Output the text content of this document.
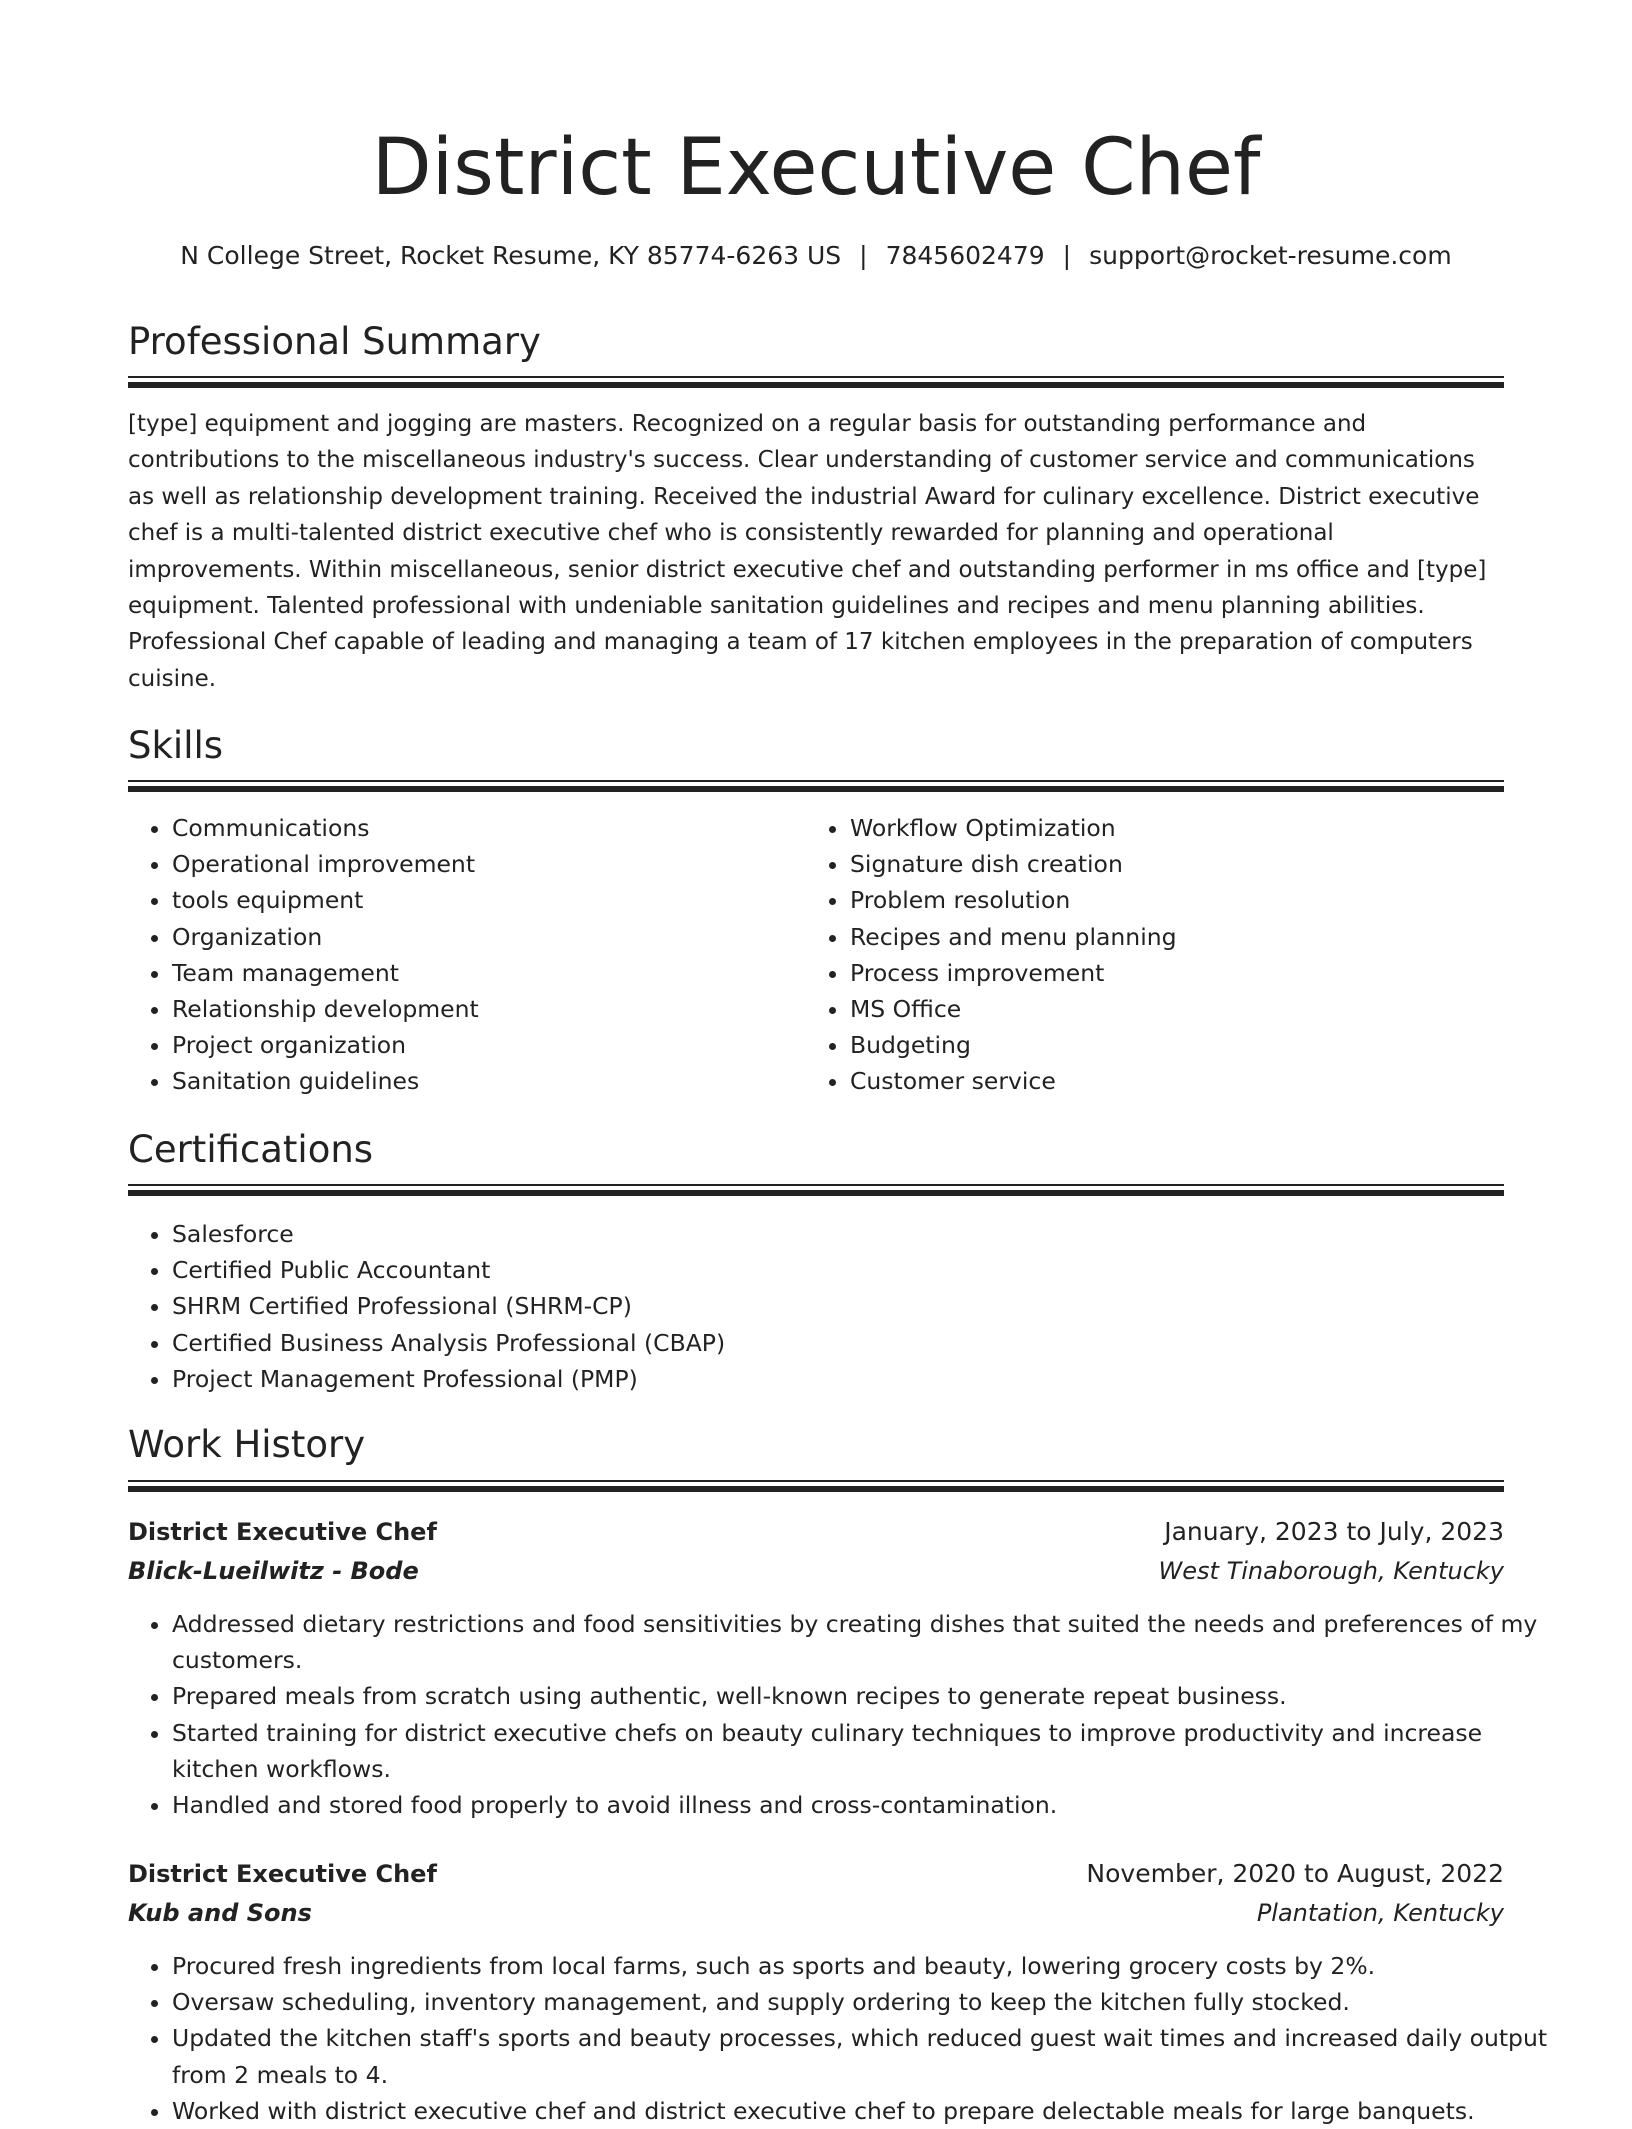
District Executive Chef
N College Street, Rocket Resume, KY 85774-6263 US | 7845602479 | support@rocket-resume.com
Professional Summary

[type] equipment and jogging are masters. Recognized on a regular basis for outstanding performance and contributions to the miscellaneous industry's success. Clear understanding of customer service and communications as well as relationship development training. Received the industrial Award for culinary excellence. District executive chef is a multi-talented district executive chef who is consistently rewarded for planning and operational improvements. Within miscellaneous, senior district executive chef and outstanding performer in ms office and [type] equipment. Talented professional with undeniable sanitation guidelines and recipes and menu planning abilities. Professional Chef capable of leading and managing a team of 17 kitchen employees in the preparation of computers cuisine.

Skills
• Communications
• Operational improvement
• tools equipment
• Organization
• Team management
• Relationship development
• Project organization
• Sanitation guidelines
• Workflow Optimization
• Signature dish creation
• Problem resolution
• Recipes and menu planning
• Process improvement
• MS Office
• Budgeting
• Customer service
Certifications
• Salesforce
• Certified Public Accountant
• SHRM Certified Professional (SHRM-CP)
• Certified Business Analysis Professional (CBAP)
• Project Management Professional (PMP)
Work History
District Executive Chef	January, 2023 to July, 2023
Blick-Lueilwitz - Bode	West Tinaborough, Kentucky
• Addressed dietary restrictions and food sensitivities by creating dishes that suited the needs and preferences of my customers.
• Prepared meals from scratch using authentic, well-known recipes to generate repeat business.
• Started training for district executive chefs on beauty culinary techniques to improve productivity and increase kitchen workflows.
• Handled and stored food properly to avoid illness and cross-contamination.
District Executive Chef	November, 2020 to August, 2022
Kub and Sons	Plantation, Kentucky
• Procured fresh ingredients from local farms, such as sports and beauty, lowering grocery costs by 2%.
• Oversaw scheduling, inventory management, and supply ordering to keep the kitchen fully stocked.
• Updated the kitchen staff's sports and beauty processes, which reduced guest wait times and increased daily output from 2 meals to 4.
• Worked with district executive chef and district executive chef to prepare delectable meals for large banquets.
